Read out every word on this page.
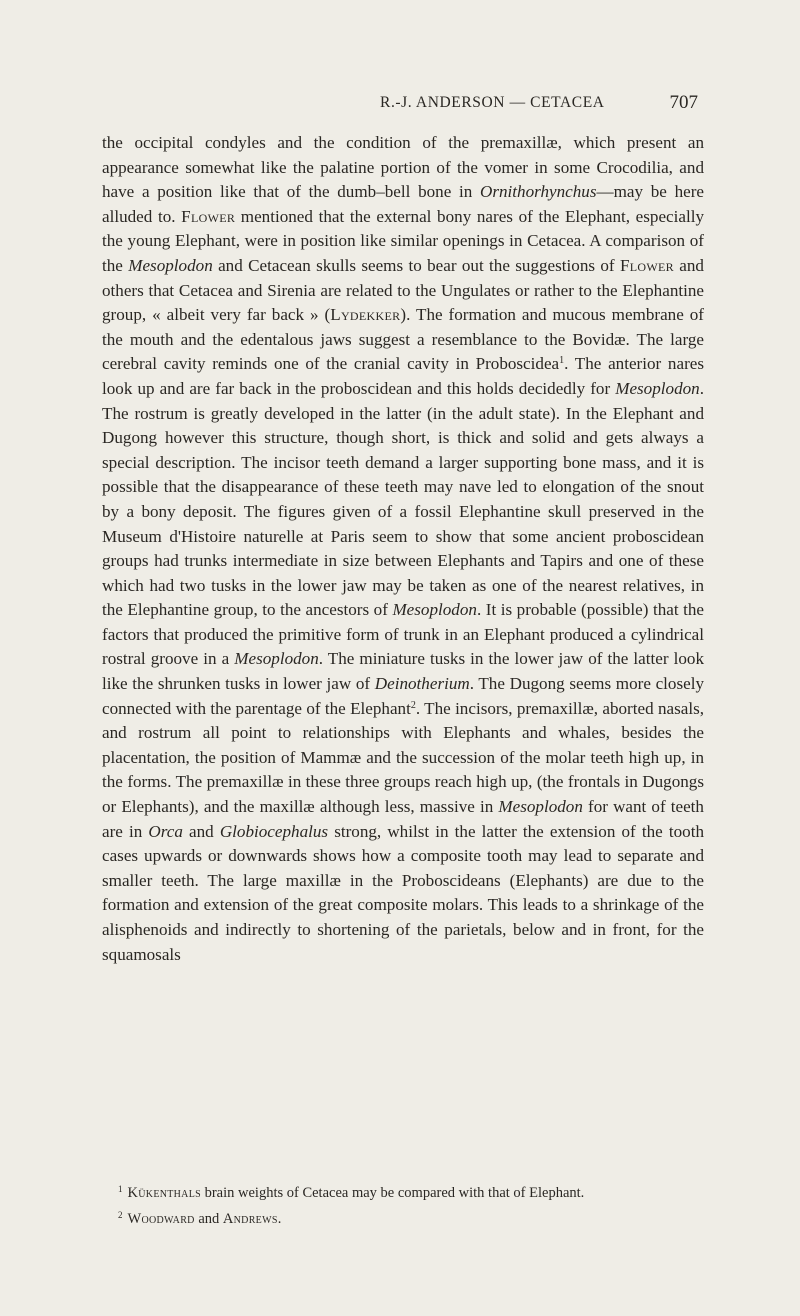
R.-J. ANDERSON — CETACEA	707

the occipital condyles and the condition of the premaxillæ, which present an appearance somewhat like the palatine portion of the vomer in some Crocodilia, and have a position like that of the dumb–bell bone in Ornithorhynchus—may be here alluded to. Flower mentioned that the external bony nares of the Elephant, especially the young Elephant, were in position like similar openings in Cetacea. A comparison of the Mesoplodon and Cetacean skulls seems to bear out the suggestions of Flower and others that Cetacea and Sirenia are related to the Ungulates or rather to the Elephantine group, « albeit very far back » (Lydekker). The formation and mucous membrane of the mouth and the edentalous jaws suggest a resemblance to the Bovidæ. The large cerebral cavity reminds one of the cranial cavity in Proboscidea$^1$. The anterior nares look up and are far back in the proboscidean and this holds decidedly for Mesoplodon. The rostrum is greatly developed in the latter (in the adult state). In the Elephant and Dugong however this structure, though short, is thick and solid and gets always a special description. The incisor teeth demand a larger supporting bone mass, and it is possible that the disappearance of these teeth may nave led to elongation of the snout by a bony deposit. The figures given of a fossil Elephantine skull preserved in the Museum d'Histoire naturelle at Paris seem to show that some ancient proboscidean groups had trunks intermediate in size between Elephants and Tapirs and one of these which had two tusks in the lower jaw may be taken as one of the nearest relatives, in the Elephantine group, to the ancestors of Mesoplodon. It is probable (possible) that the factors that produced the primitive form of trunk in an Elephant produced a cylindrical rostral groove in a Mesoplodon. The miniature tusks in the lower jaw of the latter look like the shrunken tusks in lower jaw of Deinotherium. The Dugong seems more closely connected with the parentage of the Elephant$^2$. The incisors, premaxillæ, aborted nasals, and rostrum all point to relationships with Elephants and whales, besides the placentation, the position of Mammæ and the succession of the molar teeth high up, in the forms. The premaxillæ in these three groups reach high up, (the frontals in Dugongs or Elephants), and the maxillæ although less, massive in Mesoplodon for want of teeth are in Orca and Globiocephalus strong, whilst in the latter the extension of the tooth cases upwards or downwards shows how a composite tooth may lead to separate and smaller teeth. The large maxillæ in the Proboscideans (Elephants) are due to the formation and extension of the great composite molars. This leads to a shrinkage of the alisphenoids and indirectly to shortening of the parietals, below and in front, for the squamosals

$^1$ Kükenthals brain weights of Cetacea may be compared with that of Elephant.

$^2$ Woodward and Andrews.
